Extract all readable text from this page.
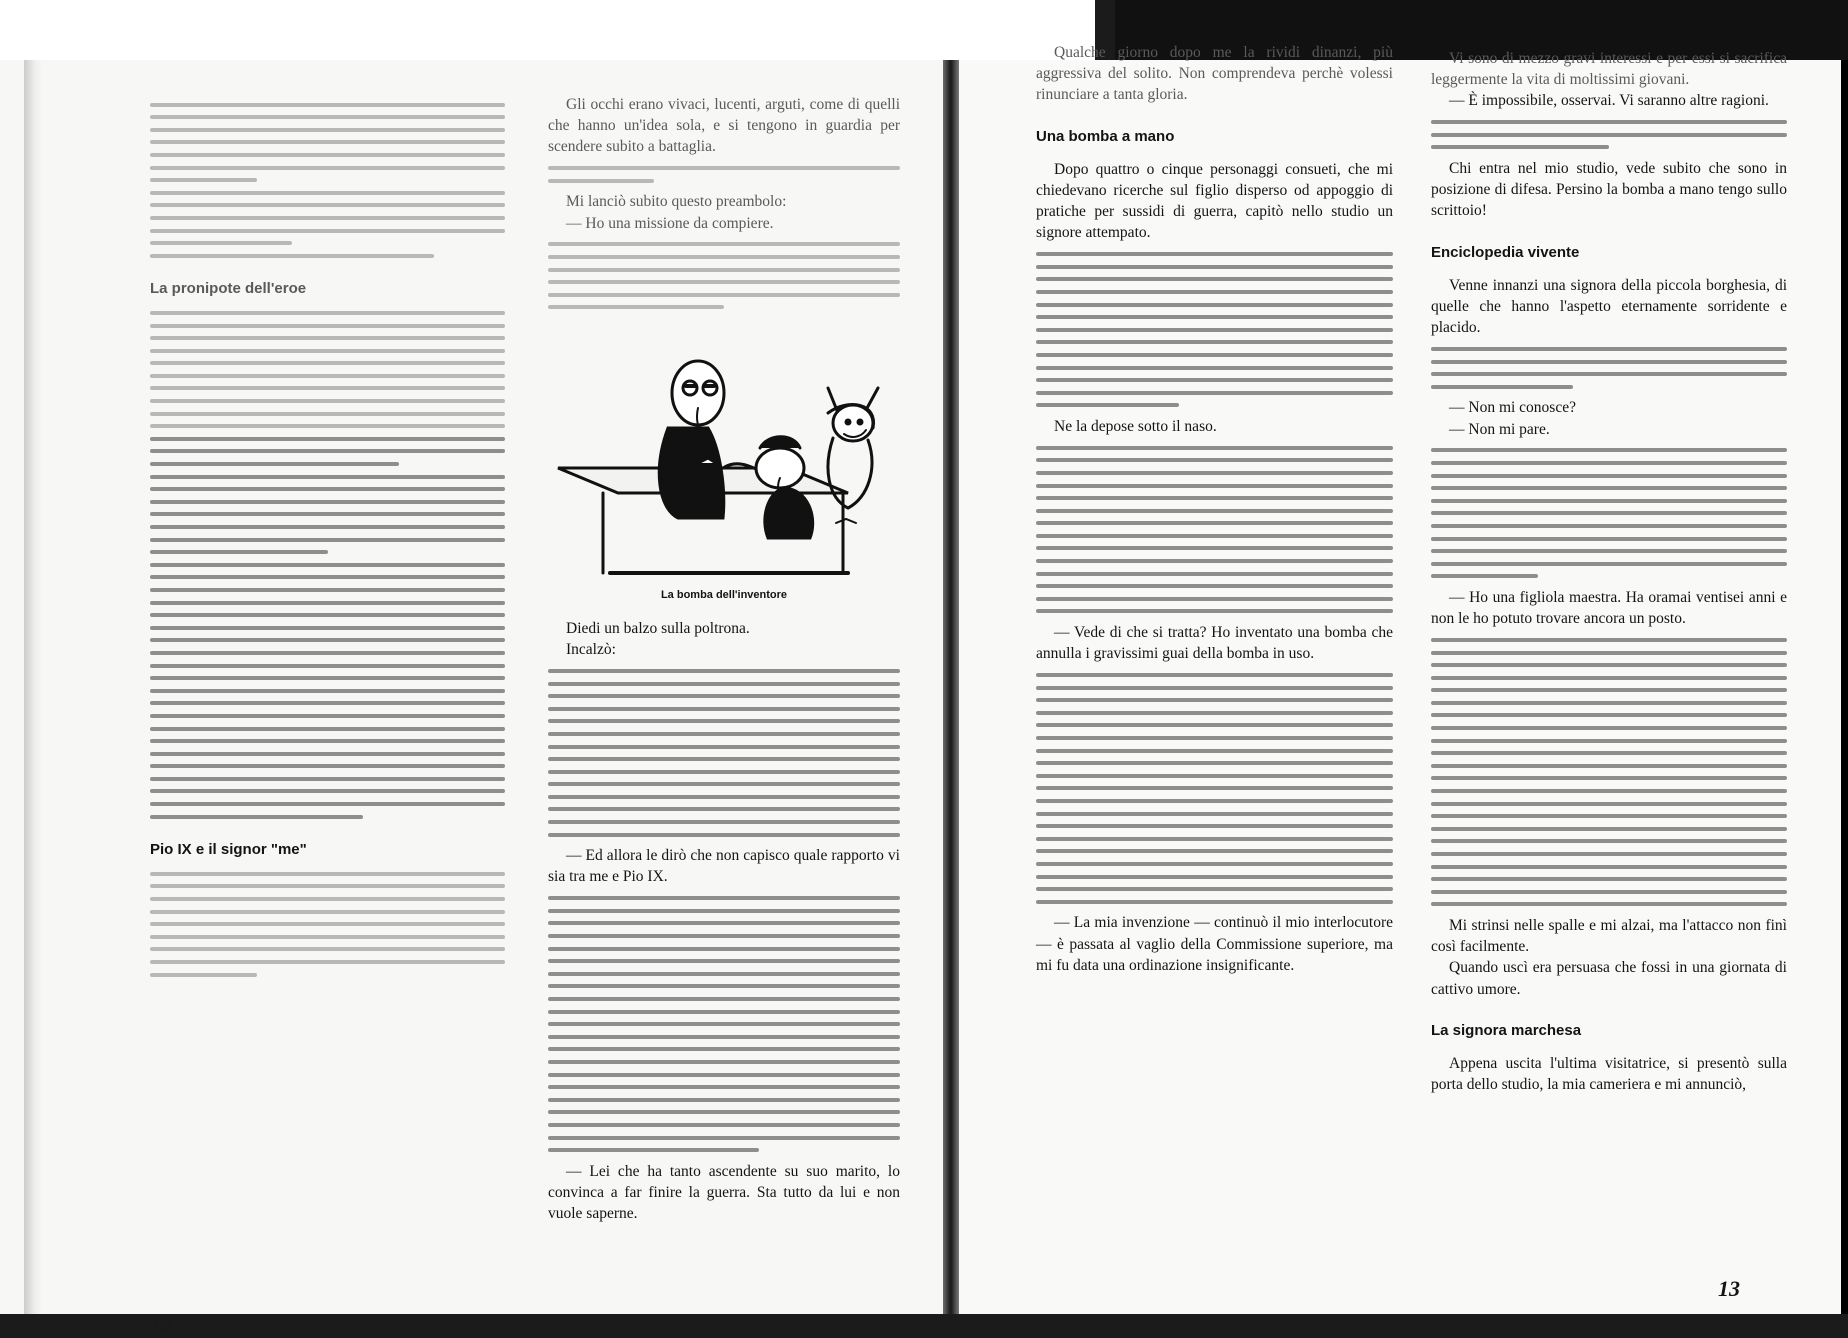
La pronipote dell'eroe
Pio IX e il signor "me"

Gli occhi erano vivaci, lucenti, arguti, come di quelli che hanno un'idea sola, e si tengono in guardia per scendere subito a battaglia.

Mi lanciò subito questo preambolo:

— Ho una missione da compiere.

La bomba dell'inventore

Diedi un balzo sulla poltrona.

Incalzò:

— Ed allora le dirò che non capisco quale rapporto vi sia tra me e Pio IX.

— Lei che ha tanto ascendente su suo marito, lo convinca a far finire la guerra. Sta tutto da lui e non vuole saperne.

12

Qualche giorno dopo me la rividi dinanzi, più aggressiva del solito. Non comprendeva perchè volessi rinunciare a tanta gloria.

Una bomba a mano

Dopo quattro o cinque personaggi consueti, che mi chiedevano ricerche sul figlio disperso od appoggio di pratiche per sussidi di guerra, capitò nello studio un signore attempato.

Ne la depose sotto il naso.

— Vede di che si tratta? Ho inventato una bomba che annulla i gravissimi guai della bomba in uso.

— La mia invenzione — continuò il mio interlocutore — è passata al vaglio della Commissione superiore, ma mi fu data una ordinazione insignificante.

Vi sono di mezzo gravi interessi e per essi si sacrifica leggermente la vita di moltissimi giovani.

— È impossibile, osservai. Vi saranno altre ragioni.

Chi entra nel mio studio, vede subito che sono in posizione di difesa. Persino la bomba a mano tengo sullo scrittoio!

Enciclopedia vivente

Venne innanzi una signora della piccola borghesia, di quelle che hanno l'aspetto eternamente sorridente e placido.

— Non mi conosce?

— Non mi pare.

— Ho una figliola maestra. Ha oramai ventisei anni e non le ho potuto trovare ancora un posto.

Mi strinsi nelle spalle e mi alzai, ma l'attacco non finì così facilmente.

Quando uscì era persuasa che fossi in una giornata di cattivo umore.

La signora marchesa

Appena uscita l'ultima visitatrice, si presentò sulla porta dello studio, la mia cameriera e mi annunciò,

13
